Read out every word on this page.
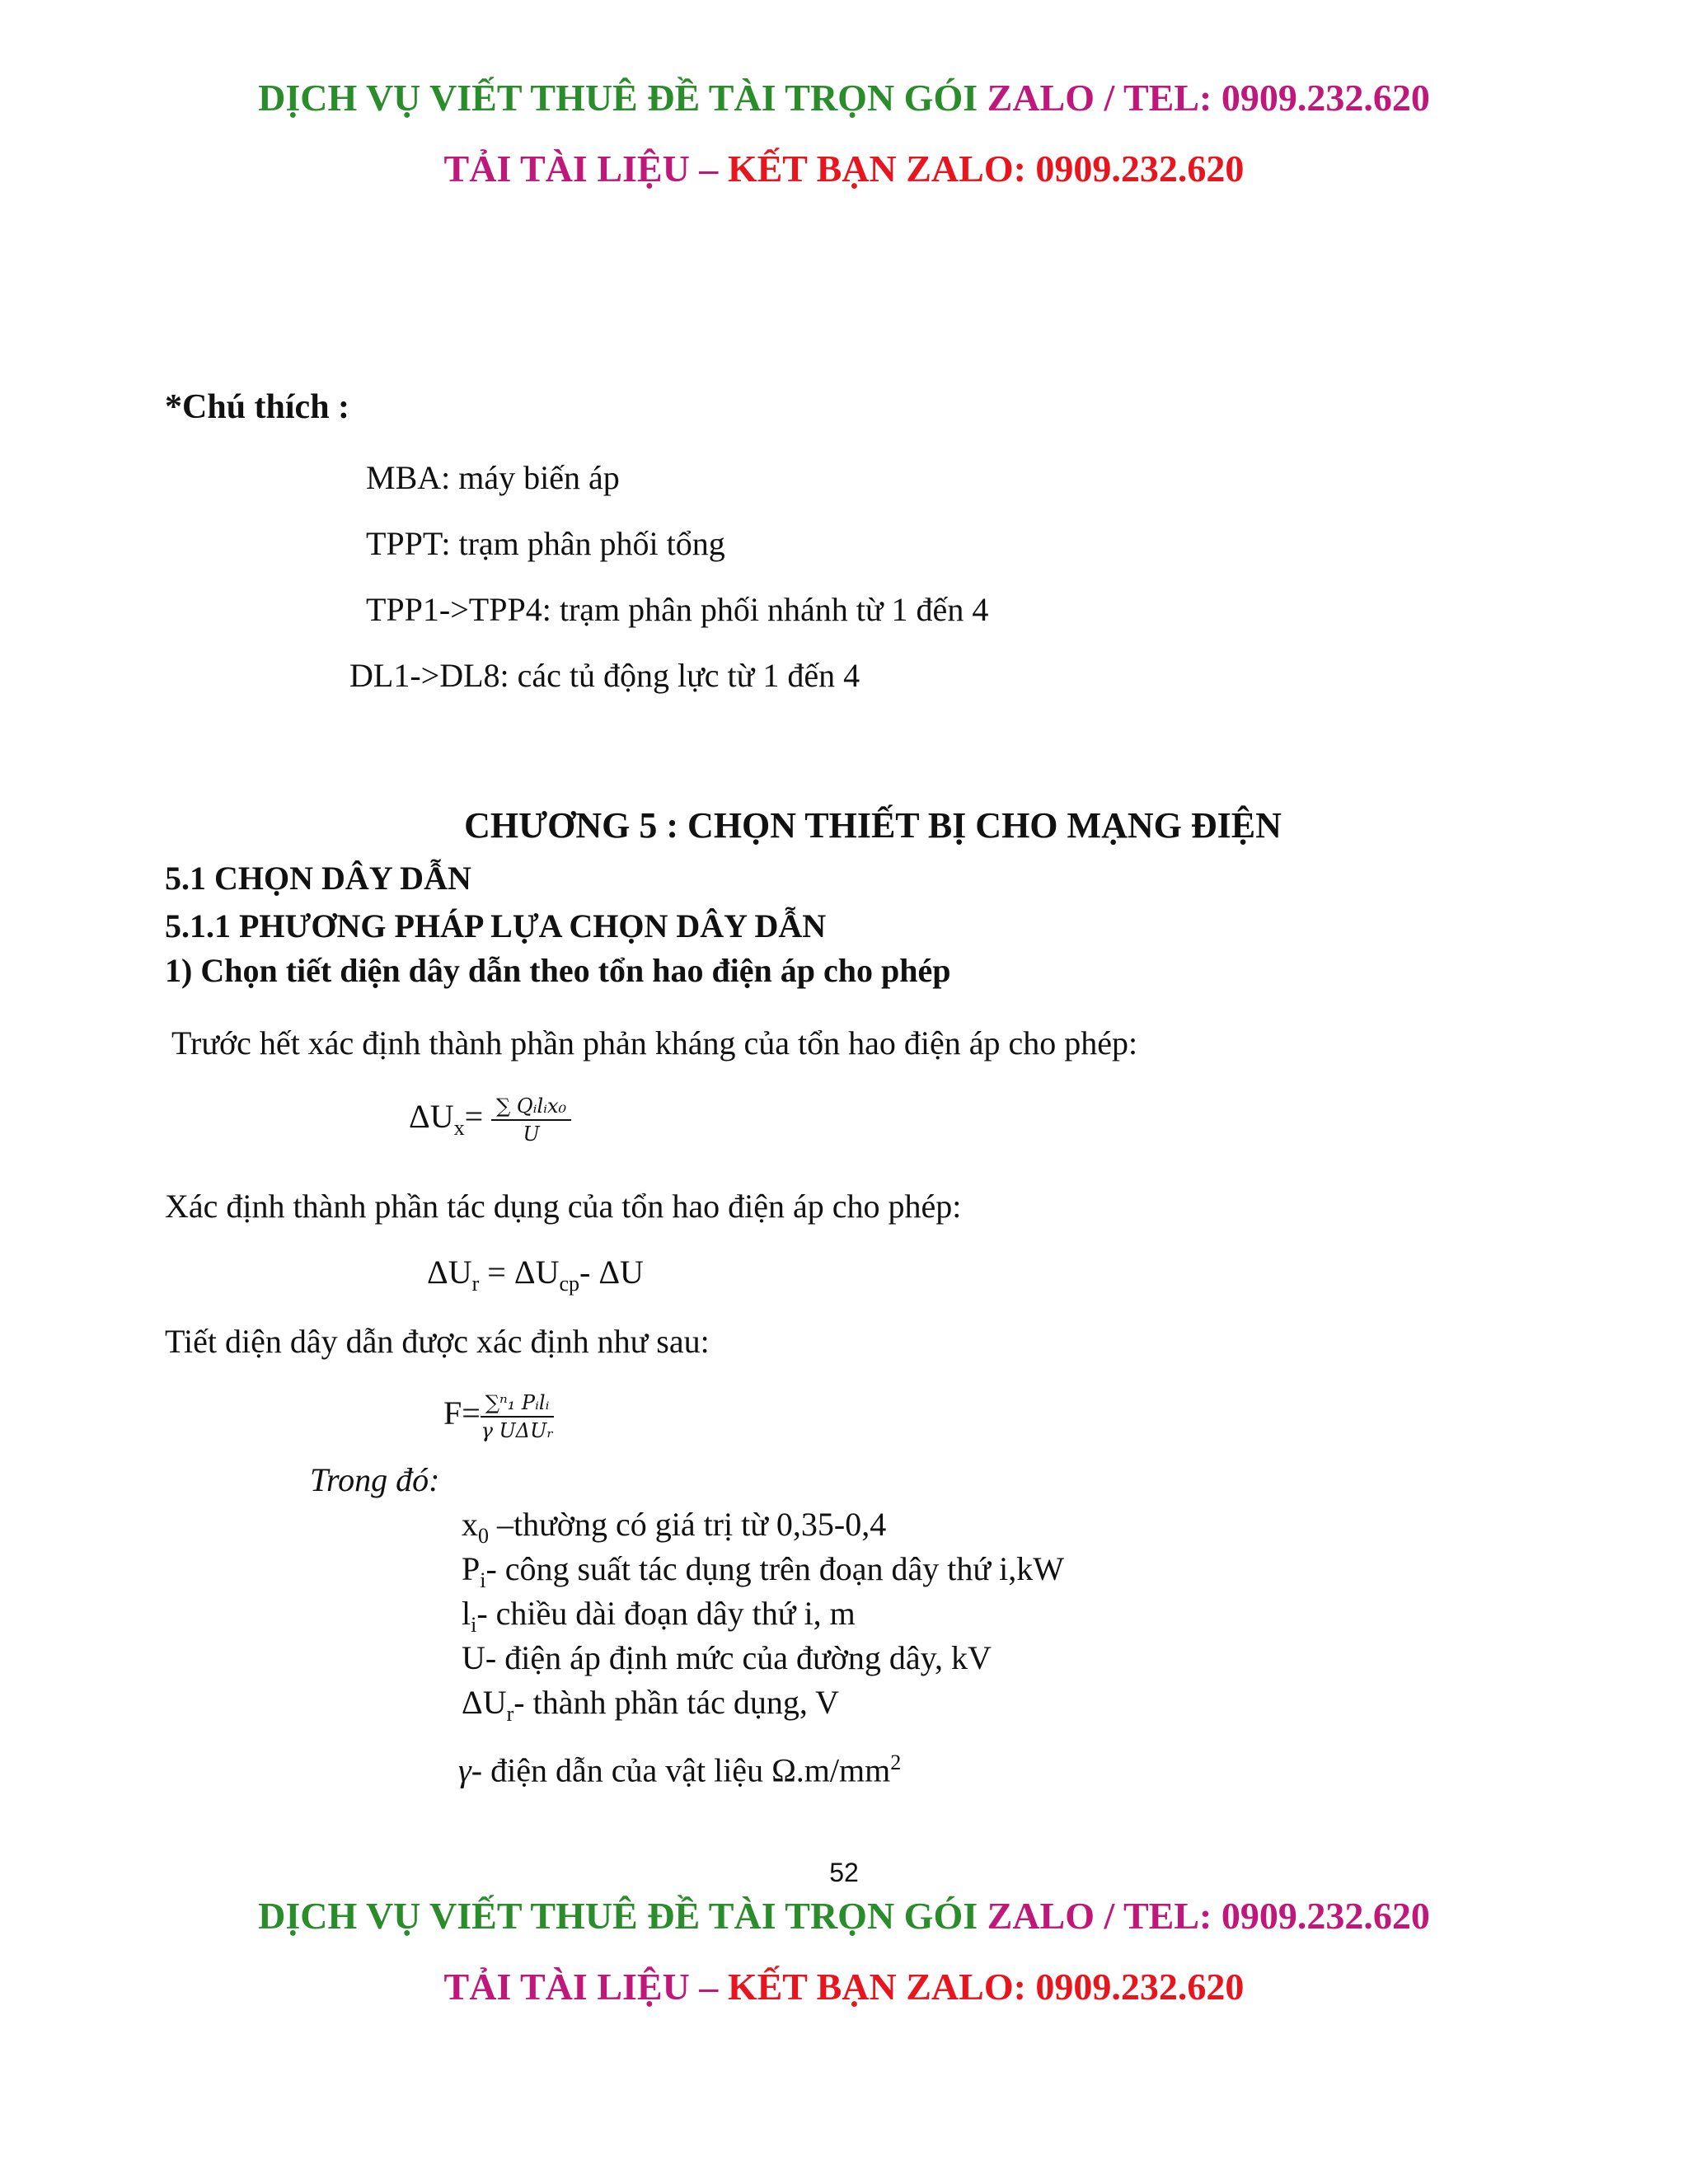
DỊCH VỤ VIẾT THUÊ ĐỀ TÀI TRỌN GÓI ZALO / TEL: 0909.232.620
TẢI TÀI LIỆU – KẾT BẠN ZALO: 0909.232.620
*Chú thích :
MBA: máy biến áp
TPPT: trạm phân phối tổng
TPP1->TPP4: trạm phân phối nhánh từ 1 đến 4
DL1->DL8: các tủ động lực từ 1 đến 4
CHƯƠNG 5 : CHỌN THIẾT BỊ CHO MẠNG ĐIỆN
5.1 CHỌN DÂY DẪN
5.1.1 PHƯƠNG PHÁP LỰA CHỌN DÂY DẪN
1) Chọn tiết diện dây dẫn theo tổn hao điện áp cho phép
Trước hết xác định thành phần phản kháng của tổn hao điện áp cho phép:
$\Delta U_x= \frac{\text{∑ Qᵢlᵢx₀}}{U}$
Xác định thành phần tác dụng của tổn hao điện áp cho phép:
$\Delta U_r = \Delta U_{cp}-$ ΔU
Tiết diện dây dẫn được xác định như sau:
$F= \frac{\text{∑ⁿ₁ Pᵢlᵢ}}{\text{γ UΔUᵣ}}$
Trong đó:
$x_0$ –thường có giá trị từ 0,35-0,4
$P_i-$ công suất tác dụng trên đoạn dây thứ i,kW
$l_i-$ chiều dài đoạn dây thứ i, m
U- điện áp định mức của đường dây, kV
$\Delta U_r-$ thành phần tác dụng, V
γ- điện dẫn của vật liệu $\Omega.m/mm^2$
52
DỊCH VỤ VIẾT THUÊ ĐỀ TÀI TRỌN GÓI ZALO / TEL: 0909.232.620
TẢI TÀI LIỆU – KẾT BẠN ZALO: 0909.232.620
